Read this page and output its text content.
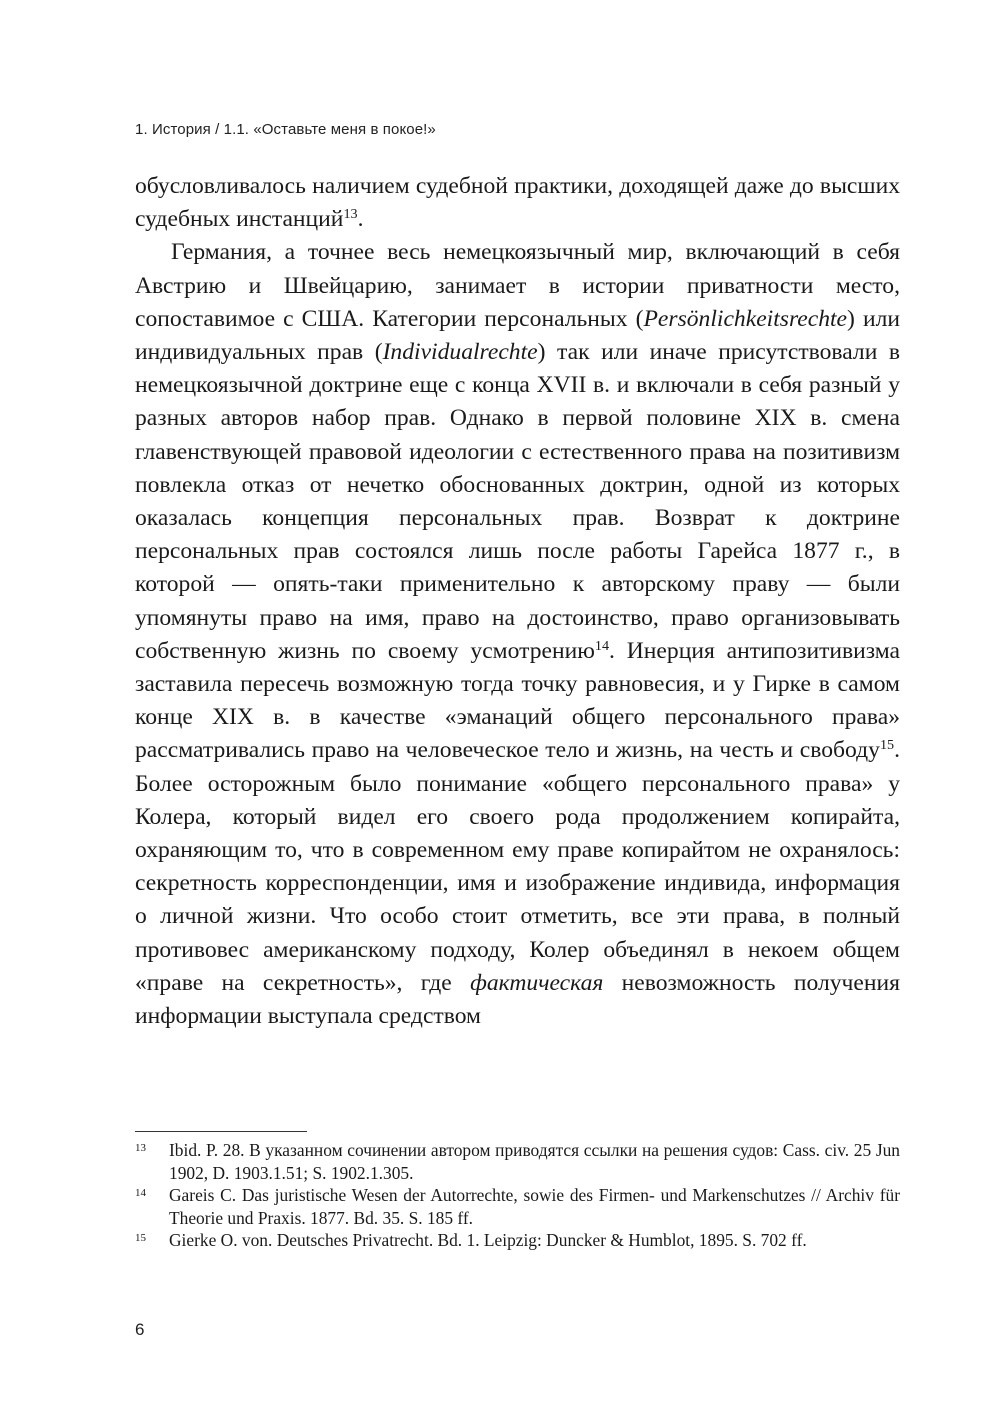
1. История / 1.1. «Оставьте меня в покое!»

обусловливалось наличием судебной практики, доходящей даже до высших судебных инстанций$^{13}$.

Германия, а точнее весь немецкоязычный мир, включающий в себя Австрию и Швейцарию, занимает в истории приватности место, сопоставимое с США. Категории персональных (Persönlichkeitsrechte) или индивидуальных прав (Individualrechte) так или иначе присутствовали в немецкоязычной доктрине еще с конца XVII в. и включали в себя разный у разных авторов набор прав. Однако в первой половине XIX в. смена главенствующей правовой идеологии с естественного права на позитивизм повлекла отказ от нечетко обоснованных доктрин, одной из которых оказалась концепция персональных прав. Возврат к доктрине персональных прав состоялся лишь после работы Гарейса 1877 г., в которой — опять-таки применительно к авторскому праву — были упомянуты право на имя, право на достоинство, право организовывать собственную жизнь по своему усмотрению$^{14}$. Инерция антипозитивизма заставила пересечь возможную тогда точку равновесия, и у Гирке в самом конце XIX в. в качестве «эманаций общего персонального права» рассматривались право на человеческое тело и жизнь, на честь и свободу$^{15}$. Более осторожным было понимание «общего персонального права» у Колера, который видел его своего рода продолжением копирайта, охраняющим то, что в современном ему праве копирайтом не охранялось: секретность корреспонденции, имя и изображение индивида, информация о личной жизни. Что особо стоит отметить, все эти права, в полный противовес американскому подходу, Колер объединял в некоем общем «праве на секретность», где фактическая невозможность получения информации выступала средством

13	Ibid. P. 28. В указанном сочинении автором приводятся ссылки на решения судов: Cass. civ. 25 Jun 1902, D. 1903.1.51; S. 1902.1.305.
14	Gareis C. Das juristische Wesen der Autorrechte, sowie des Firmen- und Markenschutzes // Archiv für Theorie und Praxis. 1877. Bd. 35. S. 185 ff.
15	Gierke O. von. Deutsches Privatrecht. Bd. 1. Leipzig: Duncker & Humblot, 1895. S. 702 ff.
6
